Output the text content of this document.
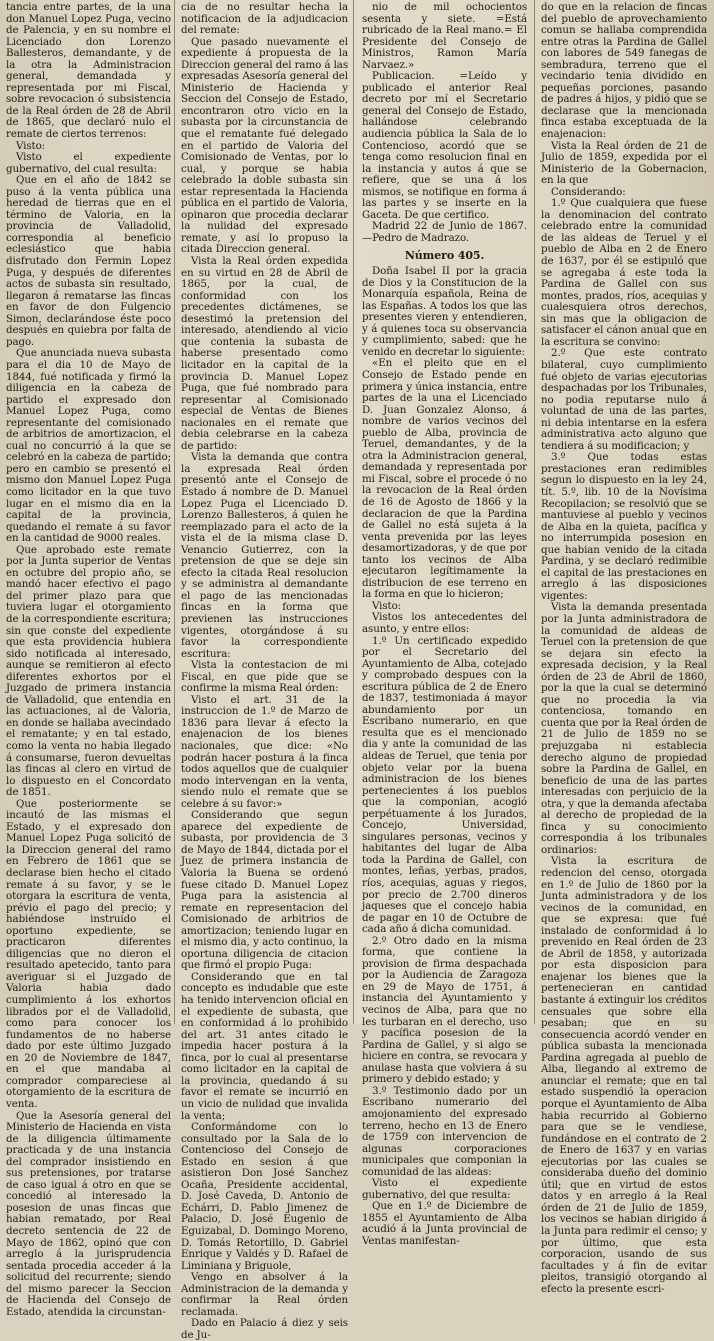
tancia entre partes, de la una don Manuel Lopez Puga, vecino de Palencia, y en su nombre el Licenciado don Lorenzo Ballesteros, demandante, y de la otra la Administracion general, demandada y representada por mi Fiscal, sobre revocacion ó subsistencia de la Real órden de 28 de Abril de 1865, que declaró nulo el remate de ciertos terrenos:

Visto:

Visto el expediente gubernativo, del cual resulta:

Que en el año de 1842 se puso á la venta pública una heredad de tierras que en el término de Valoria, en la provincia de Valladolid, correspondia al beneficio eclesiástico que habia disfrutado don Fermin Lopez Puga, y después de diferentes actos de subasta sin resultado, llegaron á rematarse las fincas en favor de don Fulgencio Simon, declarándose éste poco después en quiebra por falta de pago.

Que anunciada nueva subasta para el dia 10 de Mayo de 1844, fué notificada y firmó la diligencia en la cabeza de partido el expresado don Manuel Lopez Puga, como representante del comisionado de arbitrios de amortizacion, el cual no concurrió á la que se celebró en la cabeza de partido; pero en cambio se presentó el mismo don Manuel Lopez Puga como licitador en la que tuvo lugar en el mismo dia en la capital de la provincia, quedando el remate á su favor en la cantidad de 9000 reales.

Que aprobado este remate por la Junta superior de Ventas en octubre del propio año, se mandó hacer efectivo el pago del primer plazo para que tuviera lugar el otorgamiento de la correspondiente escritura; sin que conste del expediente que esta providencia hubiera sido notificada al interesado, aunque se remitieron al efecto diferentes exhortos por el Juzgado de primera instancia de Valladolid, que entendia en las actuaciones, al de Valoria, en donde se hallaba avecindado el rematante; y en tal estado, como la venta no habia llegado á consumarse, fueron devueltas las fincas al clero en virtud de lo dispuesto en el Concordato de 1851.

Que posteriormente se incautó de las mismas el Estado, y el expresado don Manuel Lopez Puga solicitó de la Direccion general del ramo en Febrero de 1861 que se declarase bien hecho el citado remate á su favor, y se le otorgara la escritura de venta, prévio el pago del precio; y habiéndose instruido el oportuno expediente, se practicaron diferentes diligencias que no dieron el resultado apetecido, tanto para averiguar si el Juzgado de Valoria habia dado cumplimiento á los exhortos librados por el de Valladolid, como para conocer los fundamentos de no haberse dado por este último Juzgado en 20 de Noviembre de 1847, en el que mandaba al comprador compareciese al otorgamiento de la escritura de venta.

Que la Asesoría general del Ministerio de Hacienda en vista de la diligencia últimamente practicada y de una instancia del comprador insistiendo en sus pretensiones, por tratarse de caso igual á otro en que se concedió al interesado la posesion de unas fincas que habian rematado, por Real decreto sentencia de 22 de Mayo de 1862, opinó que con arreglo á la jurisprudencia sentada procedia acceder á la solicitud del recurrente; siendo del mismo parecer la Seccion de Hacienda del Consejo de Estado, atendida la circunstan-

cia de no resultar hecha la notificacion de la adjudicacion del remate:

Que pasado nuevamente el expediente á propuesta de la Direccion general del ramo á las expresadas Asesoría general del Ministerio de Hacienda y Seccion del Consejo de Estado, encontraron otro vicio en la subasta por la circunstancia de que el rematante fué delegado en el partido de Valoria del Comisionado de Ventas, por lo cual, y porque se habia celebrado la doble subasta sin estar representada la Hacienda pública en el partido de Valoria, opinaron que procedia declarar la nulidad del expresado remate, y así lo propuso la citada Direccion general.

Vista la Real órden expedida en su virtud en 28 de Abril de 1865, por la cual, de conformidad con los precedentes dictámenes, se desestimó la pretension del interesado, atendiendo al vicio que contenia la subasta de haberse presentado como licitador en la capital de la provincia D. Manuel Lopez Puga, que fué nombrado para representar al Comisionado especial de Ventas de Bienes nacionales en el remate que debia celebrarse en la cabeza de partido:

Vista la demanda que contra la expresada Real órden presentó ante el Consejo de Estado á nombre de D. Manuel Lopez Puga el Licenciado D. Lorenzo Ballesteros, á quien he reemplazado para el acto de la vista el de la misma clase D. Venancio Gutierrez, con la pretension de que se deje sin efecto la citada Real resolucion y se administra al demandante el pago de las mencionadas fincas en la forma que previenen las instrucciones vigentes, otorgándose á su favor la correspondiente escritura:

Vista la contestacion de mi Fiscal, en que pide que se confirme la misma Real órden:

Visto el art. 31 de la instruccion de 1.º de Marzo de 1836 para llevar á efecto la enajenacion de los bienes nacionales, que dice: «No podrán hacer postura á la finca todos aquellos que de cualquier modo intervengan en la venta, siendo nulo el remate que se celebre á su favor:»

Considerando que segun aparece del expediente de subasta, por providencia de 3 de Mayo de 1844, dictada por el Juez de primera instancia de Valoria la Buena se ordenó fuese citado D. Manuel Lopez Puga para la asistencia al remate en representacion del Comisionado de arbitrios de amortizacion; teniendo lugar en el mismo dia, y acto continuo, la oportuna diligencia de citacion que firmó el propio Puga:

Considerando que en tal concepto es indudable que este ha tenido intervencion oficial en el expediente de subasta, que en conformidad á lo prohibido del art. 31 antes citado le impedia hacer postura á la finca, por lo cual al presentarse como licitador en la capital de la provincia, quedando á su favor el remate se incurrió en un vicio de nulidad que invalida la venta;

Conformándome con lo consultado por la Sala de lo Contencioso del Consejo de Estado en sesion á que asistieron Don José Sanchez Ocaña, Presidente accidental, D. José Caveda, D. Antonio de Echárri, D. Pablo Jimenez de Palacio, D. José Eugenio de Eguizabal, D. Domingo Moreno, D. Tomás Retortillo, D. Gabriel Enrique y Valdés y D. Rafael de Liminiana y Briguole,

Vengo en absolver á la Administracion de la demanda y confirmar la Real órden reclamada.

Dado en Palacio á diez y seis de Ju-

nio de mil ochocientos sesenta y siete. =Está rubricado de la Real mano.= El Presidente del Consejo de Ministros, Ramon María Narvaez.»

Publicacion. =Leído y publicado el anterior Real decreto por mí el Secretario general del Consejo de Estado, hallándose celebrando audiencia pública la Sala de lo Contencioso, acordó que se tenga como resolucion final en la instancia y autos á que se refiere, que se una á los mismos, se notifique en forma á las partes y se inserte en la Gaceta. De que certifico.

Madrid 22 de Junio de 1867.—Pedro de Madrazo.

Número 405.

Doña Isabel II por la gracia de Dios y la Constitucion de la Monarquía española, Reina de las Españas. A todos los que las presentes vieren y entendieren, y á quienes toca su observancia y cumplimiento, sabed: que he venido en decretar lo siguiente:

«En el pleito que en el Consejo de Estado pende en primera y única instancia, entre partes de la una el Licenciado D. Juan Gonzalez Alonso, á nombre de varios vecinos del pueblo de Alba, provincia de Teruel, demandantes, y de la otra la Administracion general, demandada y representada por mi Fiscal, sobre el procede ó no la revocacion de la Real órden de 16 de Agosto de 1866 y la declaracion de que la Pardina de Gallel no está sujeta á la venta prevenida por las leyes desamortizadoras, y de que por tanto los vecinos de Alba ejecutaron legítimamente la distribucion de ese terreno en la forma en que lo hicieron;

Visto:

Vistos los antecedentes del asunto, y entre ellos:

1.º Un certificado expedido por el Secretario del Ayuntamiento de Alba, cotejado y comprobado despues con la escritura pública de 2 de Enero de 1837, testimoniada á mayor abundamiento por un Escribano numerario, en que resulta que es el mencionado dia y ante la comunidad de las aldeas de Teruel, que tenia por objeto velar por la buena administracion de los bienes pertenecientes á los pueblos que la componian, acogió perpétuamente á los Jurados, Concejo, Universidad, singulares personas, vecinos y habitantes del lugar de Alba toda la Pardina de Gallel, con montes, leñas, yerbas, prados, ríos, acequias, aguas y riegos, por precio de 2.700 dineros jaqueses que el concejo habia de pagar en 10 de Octubre de cada año á dicha comunidad.

2.º Otro dado en la misma forma, que contiene la provision de firma despachada por la Audiencia de Zaragoza en 29 de Mayo de 1751, á instancia del Ayuntamiento y vecinos de Alba, para que no les turbaran en el derecho, uso y pacífica posesion de la Pardina de Gallel, y si algo se hiciere en contra, se revocara y anulase hasta que volviera á su primero y debido estado; y

3.º Testimonio dado por un Escribano numerario del amojonamiento del expresado terreno, hecho en 13 de Enero de 1759 con intervencion de algunas corporaciones municipales que componian la comunidad de las aldeas:

Visto el expediente gubernativo, del que resulta:

Que en 1.º de Diciembre de 1855 el Ayuntamiento de Alba acudió á la Junta provincial de Ventas manifestan-

do que en la relacion de fincas del pueblo de aprovechamiento comun se hallaba comprendida entre otras la Pardina de Gallel con labores de 549 fanegas de sembradura, terreno que el vecindario tenia dividido en pequeñas porciones, pasando de padres á hijos, y pidió que se declarase que la mencionada finca estaba exceptuada de la enajenacion:

Vista la Real órden de 21 de Julio de 1859, expedida por el Ministerio de la Gobernacion, en la que

Considerando:

1.º Que cualquiera que fuese la denominacion del contrato celebrado entre la comunidad de las aldeas de Teruel y el pueblo de Alba en 2 de Enero de 1637, por él se estipuló que se agregaba á este toda la Pardina de Gallel con sus montes, prados, ríos, acequias y cualesquiera otros derechos, sin mas que la obligacion de satisfacer el cánon anual que en la escritura se convino:

2.º Que este contrato bilateral, cuyo cumplimiento fué objeto de varias ejecutorias despachadas por los Tribunales, no podia reputarse nulo á voluntad de una de las partes, ni debia intentarse en la esfera administrativa acto alguno que tendiera á su modificacion; y

3.º Que todas estas prestaciones eran redimibles segun lo dispuesto en la ley 24, tít. 5.º, lib. 10 de la Novísima Recopilacion; se resolvió que se mantuviese al pueblo y vecinos de Alba en la quieta, pacífica y no interrumpida posesion en que habian venido de la citada Pardina, y se declaró redimible el capital de las prestaciones en arreglo á las disposiciones vigentes:

Vista la demanda presentada por la Junta administradora de la comunidad de aldeas de Teruel con la pretension de que se dejara sin efecto la expresada decision, y la Real órden de 23 de Abril de 1860, por la que la cual se determinó que no procedia la via contenciosa, tomando en cuenta que por la Real órden de 21 de Julio de 1859 no se prejuzgaba ni establecia derecho alguno de propiedad sobre la Pardina de Gallel, en beneficio de una de las partes interesadas con perjuicio de la otra, y que la demanda afectaba al derecho de propiedad de la finca y su conocimiento correspondia á los tribunales ordinarios:

Vista la escritura de redencion del censo, otorgada en 1.º de Julio de 1860 por la Junta administradora y de los vecinos de la comunidad, en que se expresa: que fué instalado de conformidad á lo prevenido en Real órden de 23 de Abril de 1858, y autorizada por esta disposicion para enajenar los bienes que la pertenecieran en cantidad bastante á extinguir los créditos censuales que sobre ella pesaban; que en su consecuencia acordó vender en pública subasta la mencionada Pardina agregada al pueblo de Alba, llegando al extremo de anunciar el remate; que en tal estado suspendió la operacion porque el Ayuntamiento de Alba habia recurrido al Gobierno para que se le vendiese, fundándose en el contrato de 2 de Enero de 1637 y en varias ejecutorias por las cuales se consideraba dueño del dominio útil; que en virtud de estos datos y en arreglo á la Real órden de 21 de Julio de 1859, los vecinos se habian dirigido á la Junta para redimir el censo; y por último, que esta corporacion, usando de sus facultades y á fin de evitar pleitos, transigió otorgando al efecto la presente escri-
